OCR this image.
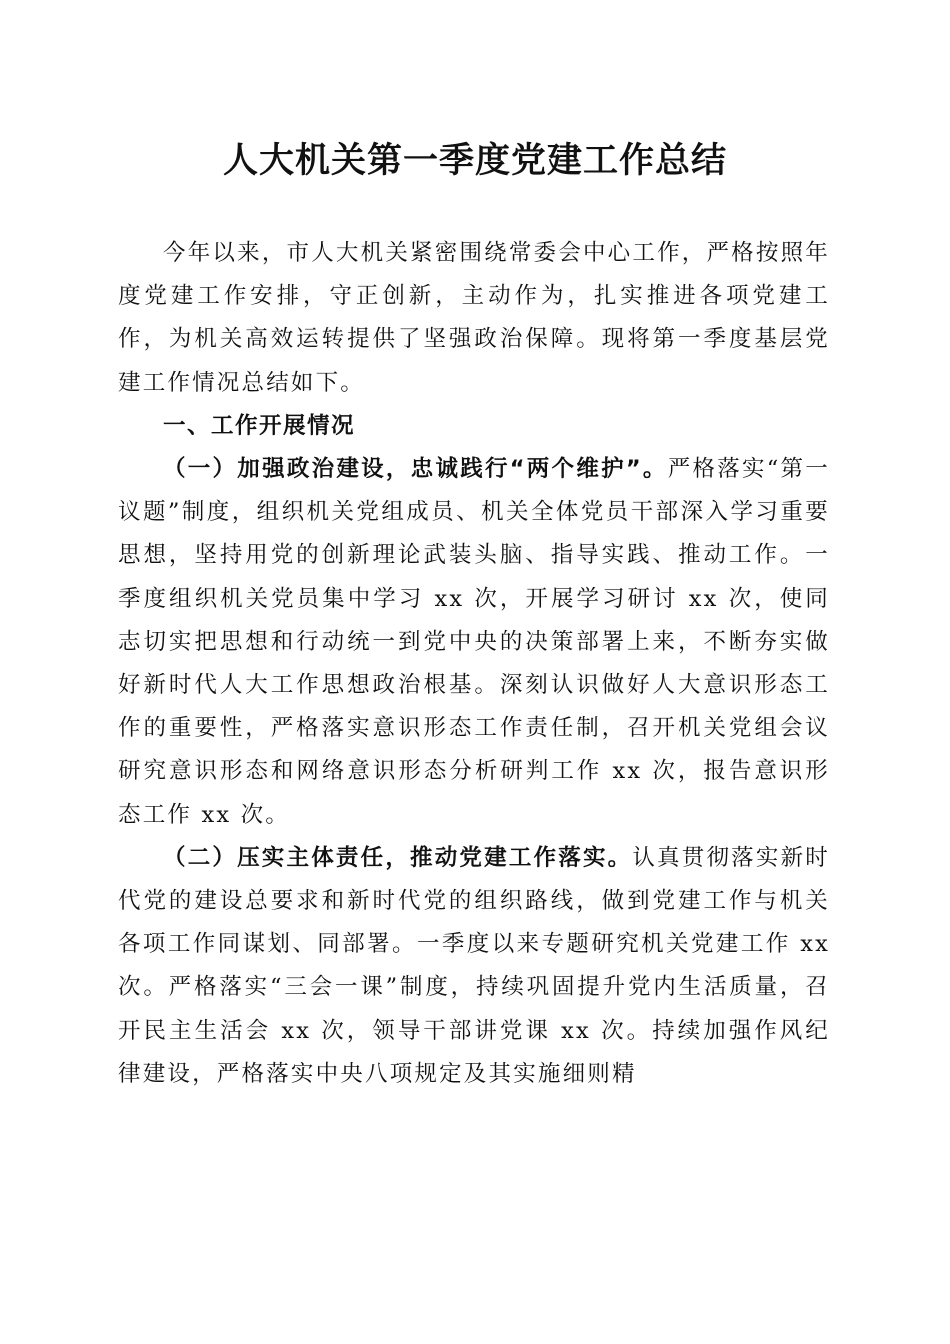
人大机关第一季度党建工作总结

今年以来，市人大机关紧密围绕常委会中心工作，严格按照年度党建工作安排，守正创新，主动作为，扎实推进各项党建工作，为机关高效运转提供了坚强政治保障。现将第一季度基层党建工作情况总结如下。

一、工作开展情况

（一）加强政治建设，忠诚践行“两个维护”。严格落实“第一议题”制度，组织机关党组成员、机关全体党员干部深入学习重要思想，坚持用党的创新理论武装头脑、指导实践、推动工作。一季度组织机关党员集中学习 xx 次，开展学习研讨 xx 次，使同志切实把思想和行动统一到党中央的决策部署上来，不断夯实做好新时代人大工作思想政治根基。深刻认识做好人大意识形态工作的重要性，严格落实意识形态工作责任制，召开机关党组会议研究意识形态和网络意识形态分析研判工作 xx 次，报告意识形态工作 xx 次。

（二）压实主体责任，推动党建工作落实。认真贯彻落实新时代党的建设总要求和新时代党的组织路线，做到党建工作与机关各项工作同谋划、同部署。一季度以来专题研究机关党建工作 xx 次。严格落实“三会一课”制度，持续巩固提升党内生活质量，召开民主生活会 xx 次，领导干部讲党课 xx 次。持续加强作风纪律建设，严格落实中央八项规定及其实施细则精
